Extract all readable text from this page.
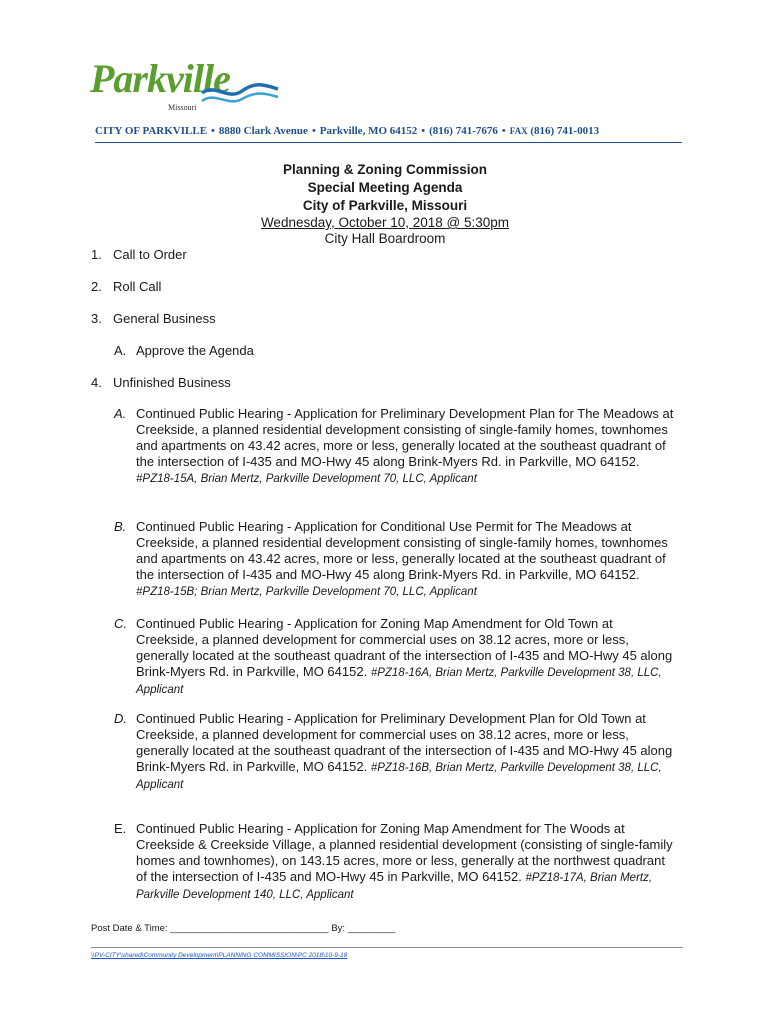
Parkville
Missouri
CITY OF PARKVILLE • 8880 Clark Avenue • Parkville, MO 64152 • (816) 741-7676 • FAX (816) 741-0013
Planning & Zoning Commission
Special Meeting Agenda
City of Parkville, Missouri
Wednesday, October 10, 2018 @ 5:30pm
City Hall Boardroom
1. Call to Order
2. Roll Call
3. General Business
A. Approve the Agenda
4. Unfinished Business
A. Continued Public Hearing - Application for Preliminary Development Plan for The Meadows at Creekside, a planned residential development consisting of single-family homes, townhomes and apartments on 43.42 acres, more or less, generally located at the southeast quadrant of the intersection of I-435 and MO-Hwy 45 along Brink-Myers Rd. in Parkville, MO 64152. #PZ18-15A, Brian Mertz, Parkville Development 70, LLC, Applicant
B. Continued Public Hearing - Application for Conditional Use Permit for The Meadows at Creekside, a planned residential development consisting of single-family homes, townhomes and apartments on 43.42 acres, more or less, generally located at the southeast quadrant of the intersection of I-435 and MO-Hwy 45 along Brink-Myers Rd. in Parkville, MO 64152. #PZ18-15B; Brian Mertz, Parkville Development 70, LLC, Applicant
C. Continued Public Hearing - Application for Zoning Map Amendment for Old Town at Creekside, a planned development for commercial uses on 38.12 acres, more or less, generally located at the southeast quadrant of the intersection of I-435 and MO-Hwy 45 along Brink-Myers Rd. in Parkville, MO 64152. #PZ18-16A, Brian Mertz, Parkville Development 38, LLC, Applicant
D. Continued Public Hearing - Application for Preliminary Development Plan for Old Town at Creekside, a planned development for commercial uses on 38.12 acres, more or less, generally located at the southeast quadrant of the intersection of I-435 and MO-Hwy 45 along Brink-Myers Rd. in Parkville, MO 64152. #PZ18-16B, Brian Mertz, Parkville Development 38, LLC, Applicant
E. Continued Public Hearing - Application for Zoning Map Amendment for The Woods at Creekside & Creekside Village, a planned residential development (consisting of single-family homes and townhomes), on 143.15 acres, more or less, generally at the northwest quadrant of the intersection of I-435 and MO-Hwy 45 in Parkville, MO 64152. #PZ18-17A, Brian Mertz, Parkville Development 140, LLC, Applicant
Post Date & Time: ______________________________ By: _________
\\PV-CITY\shared\Community Development\PLANNING COMMISSION\PC 2018\10-9-18
